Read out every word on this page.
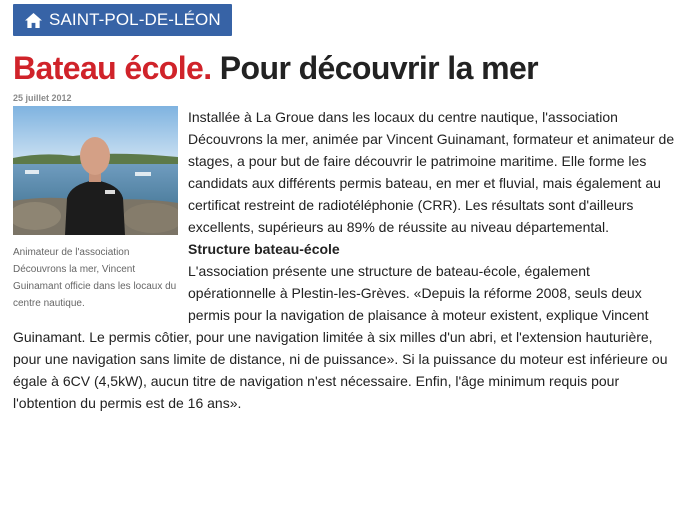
SAINT-POL-DE-LÉON
Bateau école. Pour découvrir la mer
25 juillet 2012
Animateur de l'association Découvrons la mer, Vincent Guinamant officie dans les locaux du centre nautique.

Installée à La Groue dans les locaux du centre nautique, l'association Découvrons la mer, animée par Vincent Guinamant, formateur et animateur de stages, a pour but de faire découvrir le patrimoine maritime. Elle forme les candidats aux différents permis bateau, en mer et fluvial, mais également au certificat restreint de radiotéléphonie (CRR). Les résultats sont d'ailleurs excellents, supérieurs au 89% de réussite au niveau départemental.

Structure bateau-école

L'association présente une structure de bateau-école, également opérationnelle à Plestin-les-Grèves. «Depuis la réforme 2008, seuls deux permis pour la navigation de plaisance à moteur existent, explique Vincent Guinamant. Le permis côtier, pour une navigation limitée à six milles d'un abri, et l'extension hauturière, pour une navigation sans limite de distance, ni de puissance». Si la puissance du moteur est inférieure ou égale à 6CV (4,5kW), aucun titre de navigation n'est nécessaire. Enfin, l'âge minimum requis pour l'obtention du permis est de 16 ans».
